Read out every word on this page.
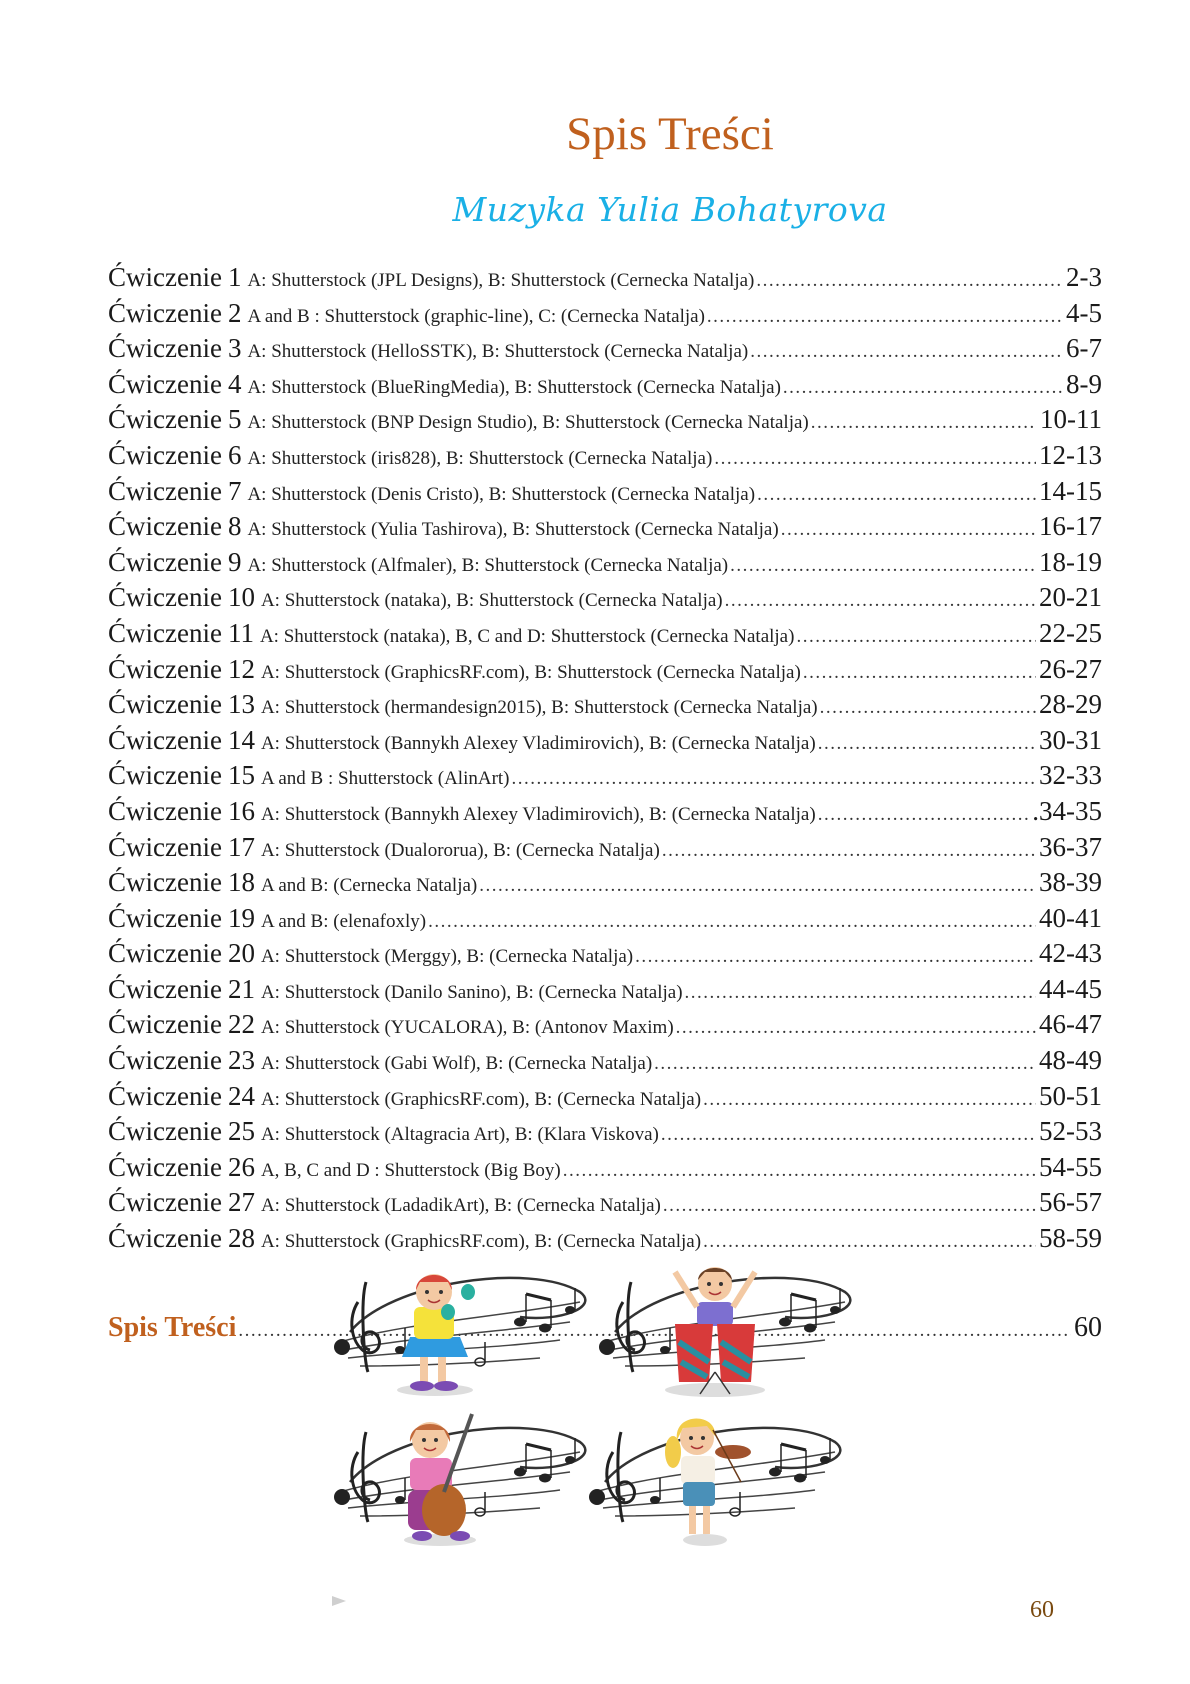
Spis Treści
Muzyka Yulia Bohatyrova
Ćwiczenie 1 A: Shutterstock (JPL Designs), B: Shutterstock (Cernecka Natalja) .....	2-3
Ćwiczenie 2 A and B : Shutterstock (graphic-line), C: (Cernecka Natalja) .....	4-5
Ćwiczenie 3 A: Shutterstock (HelloSSTK), B: Shutterstock (Cernecka Natalja) .....	6-7
Ćwiczenie 4 A: Shutterstock (BlueRingMedia), B: Shutterstock (Cernecka Natalja) .....	8-9
Ćwiczenie 5 A: Shutterstock (BNP Design Studio), B: Shutterstock (Cernecka Natalja) .....	10-11
Ćwiczenie 6 A: Shutterstock (iris828), B: Shutterstock (Cernecka Natalja) .....	12-13
Ćwiczenie 7 A: Shutterstock (Denis Cristo), B: Shutterstock (Cernecka Natalja) .....	14-15
Ćwiczenie 8 A: Shutterstock (Yulia Tashirova), B: Shutterstock (Cernecka Natalja) .....	16-17
Ćwiczenie 9 A: Shutterstock (Alfmaler), B: Shutterstock (Cernecka Natalja) .....	18-19
Ćwiczenie 10 A: Shutterstock (nataka), B: Shutterstock (Cernecka Natalja) .....	20-21
Ćwiczenie 11 A: Shutterstock (nataka), B, C and D: Shutterstock (Cernecka Natalja) .....	22-25
Ćwiczenie 12 A: Shutterstock (GraphicsRF.com), B: Shutterstock (Cernecka Natalja) .....	26-27
Ćwiczenie 13 A: Shutterstock (hermandesign2015), B: Shutterstock (Cernecka Natalja) .....	28-29
Ćwiczenie 14 A: Shutterstock (Bannykh Alexey Vladimirovich), B: (Cernecka Natalja) .....	30-31
Ćwiczenie 15 A and B : Shutterstock (AlinArt) .....	32-33
Ćwiczenie 16 A: Shutterstock (Bannykh Alexey Vladimirovich), B: (Cernecka Natalja) .....	.34-35
Ćwiczenie 17 A: Shutterstock (Dualororua), B: (Cernecka Natalja) .....	36-37
Ćwiczenie 18 A and B: (Cernecka Natalja) .....	38-39
Ćwiczenie 19 A and B: (elenafoxly) .....	40-41
Ćwiczenie 20 A: Shutterstock (Merggy), B: (Cernecka Natalja) .....	42-43
Ćwiczenie 21 A: Shutterstock (Danilo Sanino), B: (Cernecka Natalja) .....	44-45
Ćwiczenie 22 A: Shutterstock (YUCALORA), B: (Antonov Maxim) .....	46-47
Ćwiczenie 23 A: Shutterstock (Gabi Wolf), B: (Cernecka Natalja) .....	48-49
Ćwiczenie 24 A: Shutterstock (GraphicsRF.com), B: (Cernecka Natalja) .....	50-51
Ćwiczenie 25 A: Shutterstock (Altagracia Art), B: (Klara Viskova) .....	52-53
Ćwiczenie 26 A, B, C and D : Shutterstock (Big Boy) .....	54-55
Ćwiczenie 27 A: Shutterstock (LadadikArt), B: (Cernecka Natalja) .....	56-57
Ćwiczenie 28 A: Shutterstock (GraphicsRF.com), B: (Cernecka Natalja) .....	58-59
Spis Treści .....	60
60
